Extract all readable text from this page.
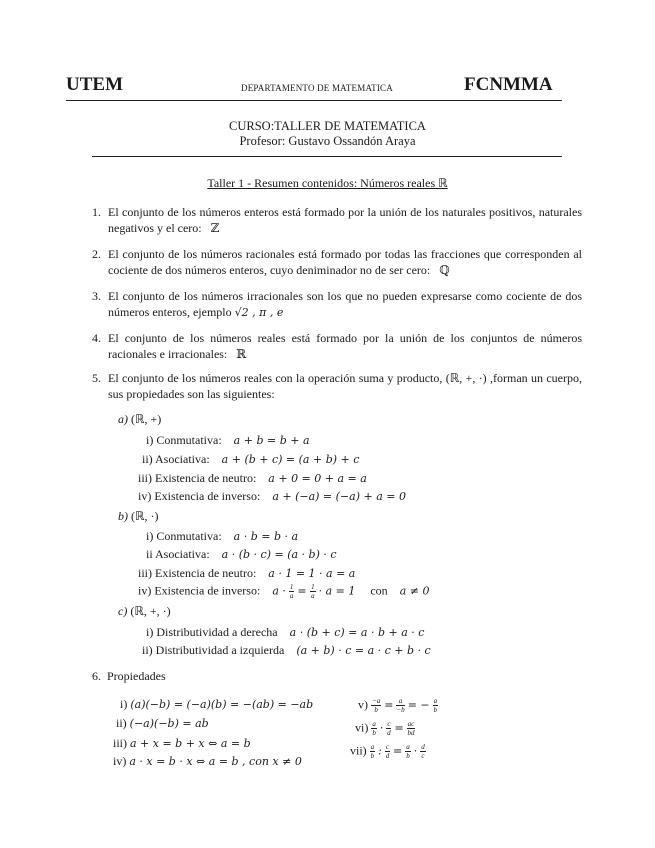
UTEM	DEPARTAMENTO DE MATEMATICA	FCNMMA
CURSO:TALLER DE MATEMATICA
Profesor: Gustavo Ossandón Araya
Taller 1 - Resumen contenidos: Números reales ℝ
1. El conjunto de los números enteros está formado por la unión de los naturales positivos, naturales negativos y el cero: ℤ
2. El conjunto de los números racionales está formado por todas las fracciones que corresponden al cociente de dos números enteros, cuyo deniminador no de ser cero: ℚ
3. El conjunto de los números irracionales son los que no pueden expresarse como cociente de dos números enteros, ejemplo √2 , π , e
4. El conjunto de los números reales está formado por la unión de los conjuntos de números racionales e irracionales: ℝ
5. El conjunto de los números reales con la operación suma y producto, (ℝ, +, ·) ,forman un cuerpo, sus propiedades son las siguientes:
a) (ℝ, +)
i) Conmutativa: a + b = b + a
ii) Asociativa: a + (b + c) = (a + b) + c
iii) Existencia de neutro: a + 0 = 0 + a = a
iv) Existencia de inverso: a + (−a) = (−a) + a = 0
b) (ℝ, ·)
i) Conmutativa: a · b = b · a
ii Asociativa: a · (b · c) = (a · b) · c
iii) Existencia de neutro: a · 1 = 1 · a = a
iv) Existencia de inverso: $a \cdot \frac{1}{a} = \frac{1}{a} \cdot a = 1$ con a ≠ 0
c) (ℝ, +, ·)
i) Distributividad a derecha a · (b + c) = a · b + a · c
ii) Distributividad a izquierda (a + b) · c = a · c + b · c
6. Propiedades
i) (a)(−b) = (−a)(b) = −(ab) = −ab
ii) (−a)(−b) = ab
iii) a + x = b + x ⇔ a = b
iv) a · x = b · x ⇔ a = b , con x ≠ 0
$v) \frac{-a}{b} = \frac{a}{-b}$ = − $\frac{a}{b}$
$vi) \frac{a}{b} \cdot \frac{c}{d} = \frac{ac}{bd}$
$vii) \frac{a}{b}$ : $\frac{c}{d} = \frac{a}{b} \cdot \frac{d}{c}$
